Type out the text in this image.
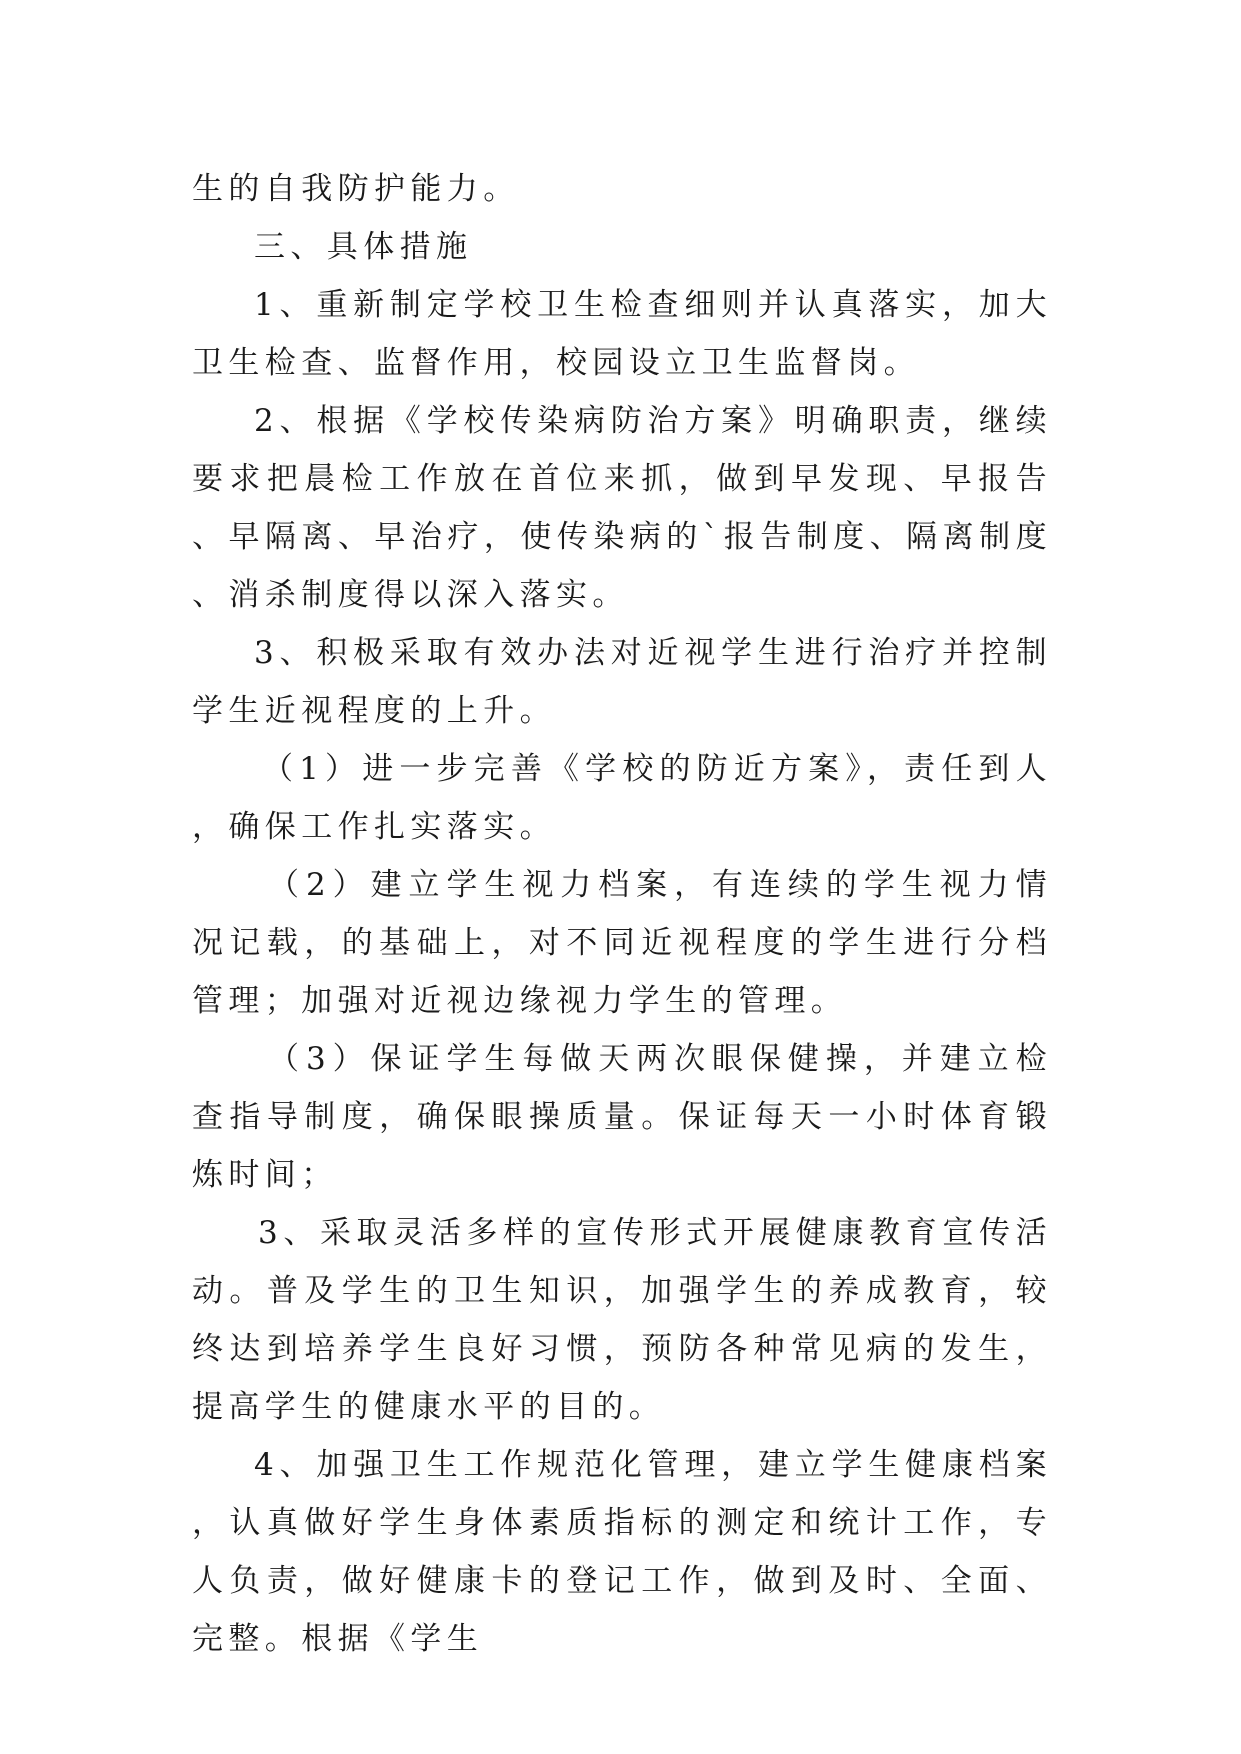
生的自我防护能力。

三、具体措施

1、重新制定学校卫生检查细则并认真落实，加大卫生检查、监督作用，校园设立卫生监督岗。

2、根据《学校传染病防治方案》明确职责，继续要求把晨检工作放在首位来抓，做到早发现、早报告、早隔离、早治疗，使传染病的`报告制度、隔离制度、消杀制度得以深入落实。

3、积极采取有效办法对近视学生进行治疗并控制学生近视程度的上升。

（1）进一步完善《学校的防近方案》，责任到人，确保工作扎实落实。

（2）建立学生视力档案，有连续的学生视力情况记载，的基础上，对不同近视程度的学生进行分档管理；加强对近视边缘视力学生的管理。

（3）保证学生每做天两次眼保健操，并建立检查指导制度，确保眼操质量。保证每天一小时体育锻炼时间；

3、采取灵活多样的宣传形式开展健康教育宣传活动。普及学生的卫生知识，加强学生的养成教育，较终达到培养学生良好习惯，预防各种常见病的发生，提高学生的健康水平的目的。

4、加强卫生工作规范化管理，建立学生健康档案，认真做好学生身体素质指标的测定和统计工作，专人负责，做好健康卡的登记工作，做到及时、全面、完整。根据《学生
